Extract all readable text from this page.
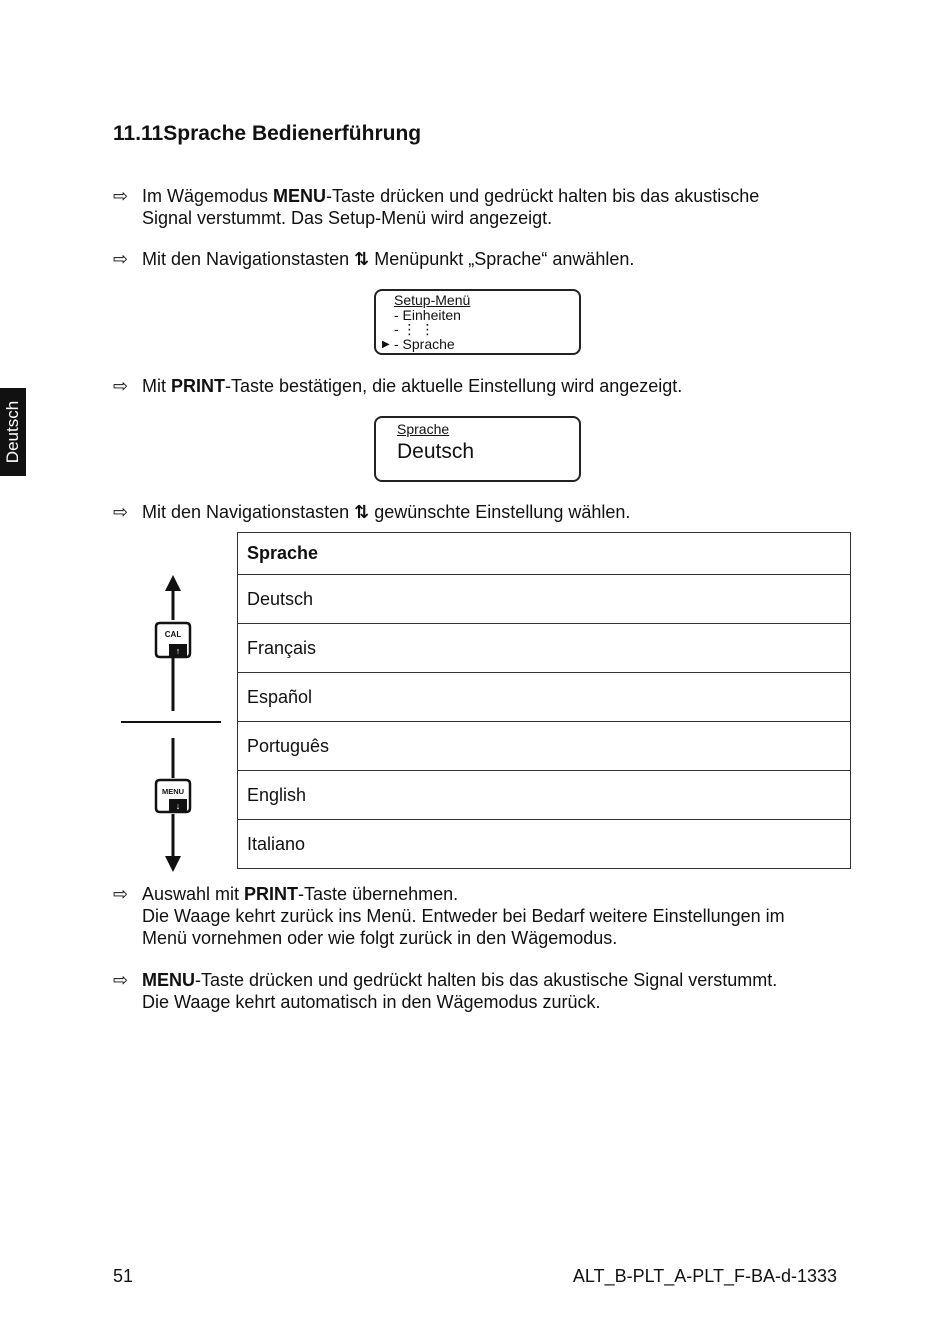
Deutsch
11.11Sprache Bedienerführung
⇨ Im Wägemodus MENU-Taste drücken und gedrückt halten bis das akustische
Signal verstummt. Das Setup-Menü wird angezeigt.
⇨ Mit den Navigationstasten ⇅ Menüpunkt „Sprache“ anwählen.
▶
Setup-Menü
- Einheiten
- ⋮ ⋮
- Sprache
⇨ Mit PRINT-Taste bestätigen, die aktuelle Einstellung wird angezeigt.
Sprache
Deutsch
⇨ Mit den Navigationstasten ⇅ gewünschte Einstellung wählen.
CAL
↑
MENU
↓
Sprache
Deutsch
Français
Español
Português
English
Italiano
⇨ Auswahl mit PRINT-Taste übernehmen.
Die Waage kehrt zurück ins Menü. Entweder bei Bedarf weitere Einstellungen im
Menü vornehmen oder wie folgt zurück in den Wägemodus.
⇨ MENU-Taste drücken und gedrückt halten bis das akustische Signal verstummt.
Die Waage kehrt automatisch in den Wägemodus zurück.
51	ALT_B-PLT_A-PLT_F-BA-d-1333
